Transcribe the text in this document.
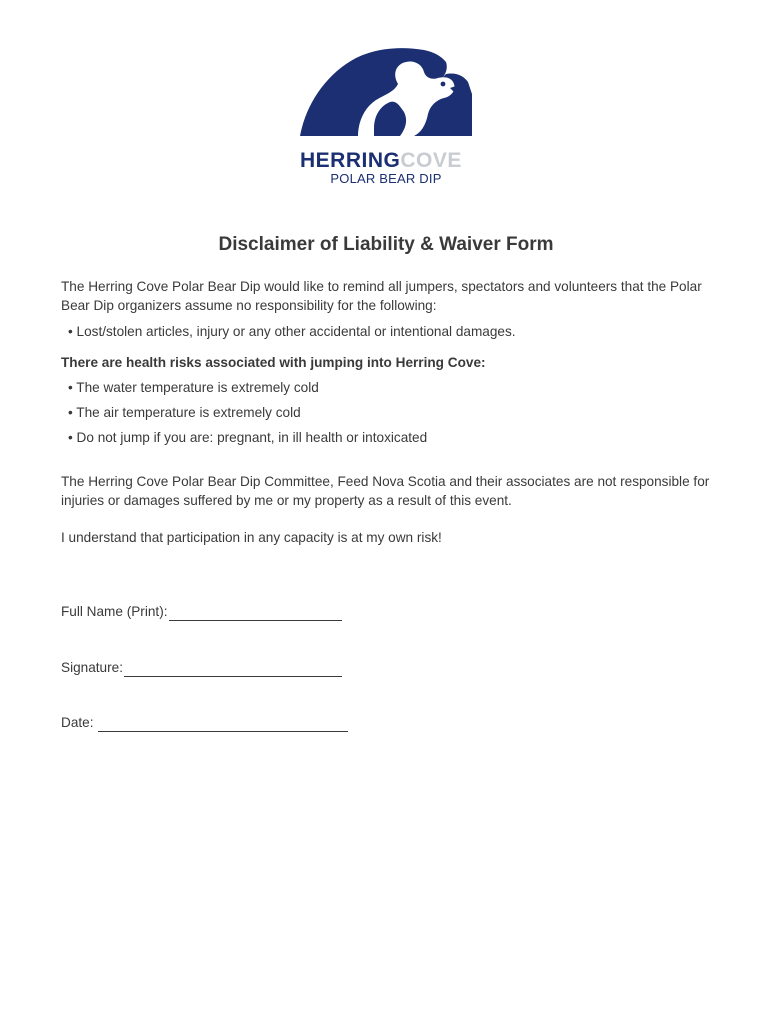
HERRINGCOVE
POLAR BEAR DIP
Disclaimer of Liability & Waiver Form

The Herring Cove Polar Bear Dip would like to remind all jumpers, spectators and volunteers that the Polar Bear Dip organizers assume no responsibility for the following:

• Lost/stolen articles, injury or any other accidental or intentional damages.
There are health risks associated with jumping into Herring Cove:
• The water temperature is extremely cold
• The air temperature is extremely cold
• Do not jump if you are: pregnant, in ill health or intoxicated

The Herring Cove Polar Bear Dip Committee, Feed Nova Scotia and their associates are not responsible for injuries or damages suffered by me or my property as a result of this event.

I understand that participation in any capacity is at my own risk!

Full Name (Print):
Signature:
Date:
